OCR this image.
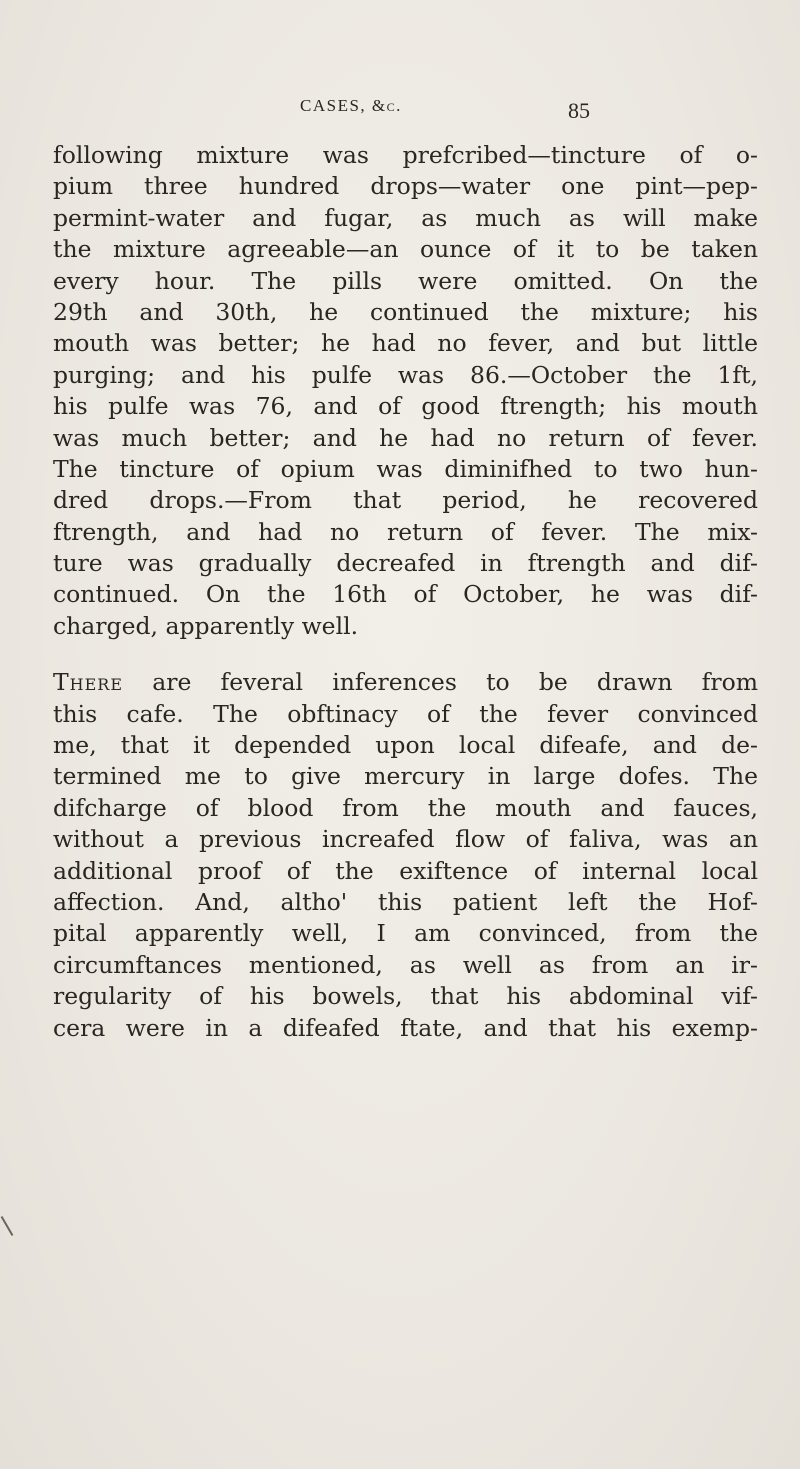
CASES, &c.	85
following mixture was prefcribed—tincture of o-
pium three hundred drops—water one pint—pep-
permint-water and fugar, as much as will make
the mixture agreeable—an ounce of it to be taken
every hour. The pills were omitted. On the
29th and 30th, he continued the mixture; his
mouth was better; he had no fever, and but little
purging; and his pulfe was 86.—October the 1ft,
his pulfe was 76, and of good ftrength; his mouth
was much better; and he had no return of fever.
The tincture of opium was diminifhed to two hun-
dred drops.—From that period, he recovered
ftrength, and had no return of fever. The mix-
ture was gradually decreafed in ftrength and dif-
continued. On the 16th of October, he was dif-
charged, apparently well.
There are feveral inferences to be drawn from
this cafe. The obftinacy of the fever convinced
me, that it depended upon local difeafe, and de-
termined me to give mercury in large dofes. The
difcharge of blood from the mouth and fauces,
without a previous increafed flow of faliva, was an
additional proof of the exiftence of internal local
affection. And, altho' this patient left the Hof-
pital apparently well, I am convinced, from the
circumftances mentioned, as well as from an ir-
regularity of his bowels, that his abdominal vif-
cera were in a difeafed ftate, and that his exemp-
